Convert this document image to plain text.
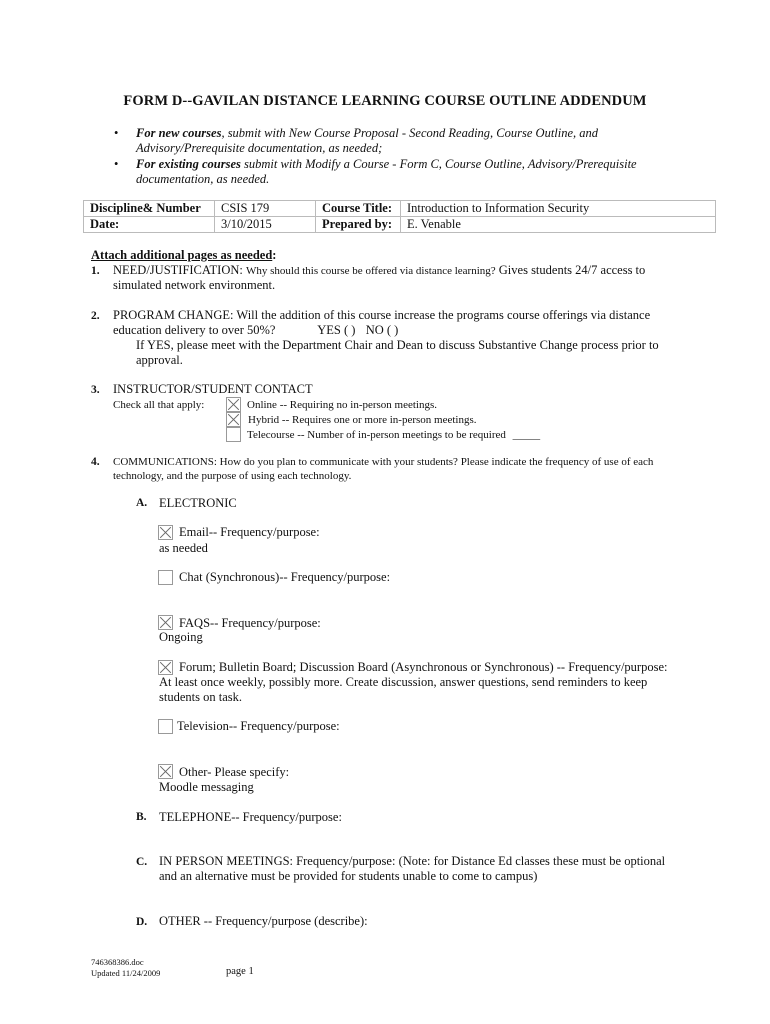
FORM D--GAVILAN DISTANCE LEARNING COURSE OUTLINE ADDENDUM
• For new courses, submit with New Course Proposal - Second Reading, Course Outline, and
Advisory/Prerequisite documentation, as needed;
• For existing courses submit with Modify a Course - Form C, Course Outline, Advisory/Prerequisite
documentation, as needed.
Discipline& Number	CSIS 179	Course Title:	Introduction to Information Security
Date:	3/10/2015	Prepared by:	E. Venable
Attach additional pages as needed:
1. NEED/JUSTIFICATION: Why should this course be offered via distance learning? Gives students 24/7 access to
simulated network environment.
2. PROGRAM CHANGE: Will the addition of this course increase the programs course offerings via distance
education delivery to over 50%?	YES ( ) NO ( )
If YES, please meet with the Department Chair and Dean to discuss Substantive Change process prior to
approval.
3. INSTRUCTOR/STUDENT CONTACT
Check all that apply:	Online -- Requiring no in-person meetings.
Hybrid -- Requires one or more in-person meetings.
Telecourse -- Number of in-person meetings to be required _____
4. COMMUNICATIONS: How do you plan to communicate with your students? Please indicate the frequency of use of each
technology, and the purpose of using each technology.
A. ELECTRONIC
Email-- Frequency/purpose:
as needed
Chat (Synchronous)-- Frequency/purpose:
FAQS-- Frequency/purpose:
Ongoing
Forum; Bulletin Board; Discussion Board (Asynchronous or Synchronous) -- Frequency/purpose:
At least once weekly, possibly more. Create discussion, answer questions, send reminders to keep
students on task.
Television-- Frequency/purpose:
Other- Please specify:
Moodle messaging
B. TELEPHONE-- Frequency/purpose:
C. IN PERSON MEETINGS: Frequency/purpose: (Note: for Distance Ed classes these must be optional
and an alternative must be provided for students unable to come to campus)
D. OTHER -- Frequency/purpose (describe):
746368386.doc
Updated 11/24/2009	page 1
